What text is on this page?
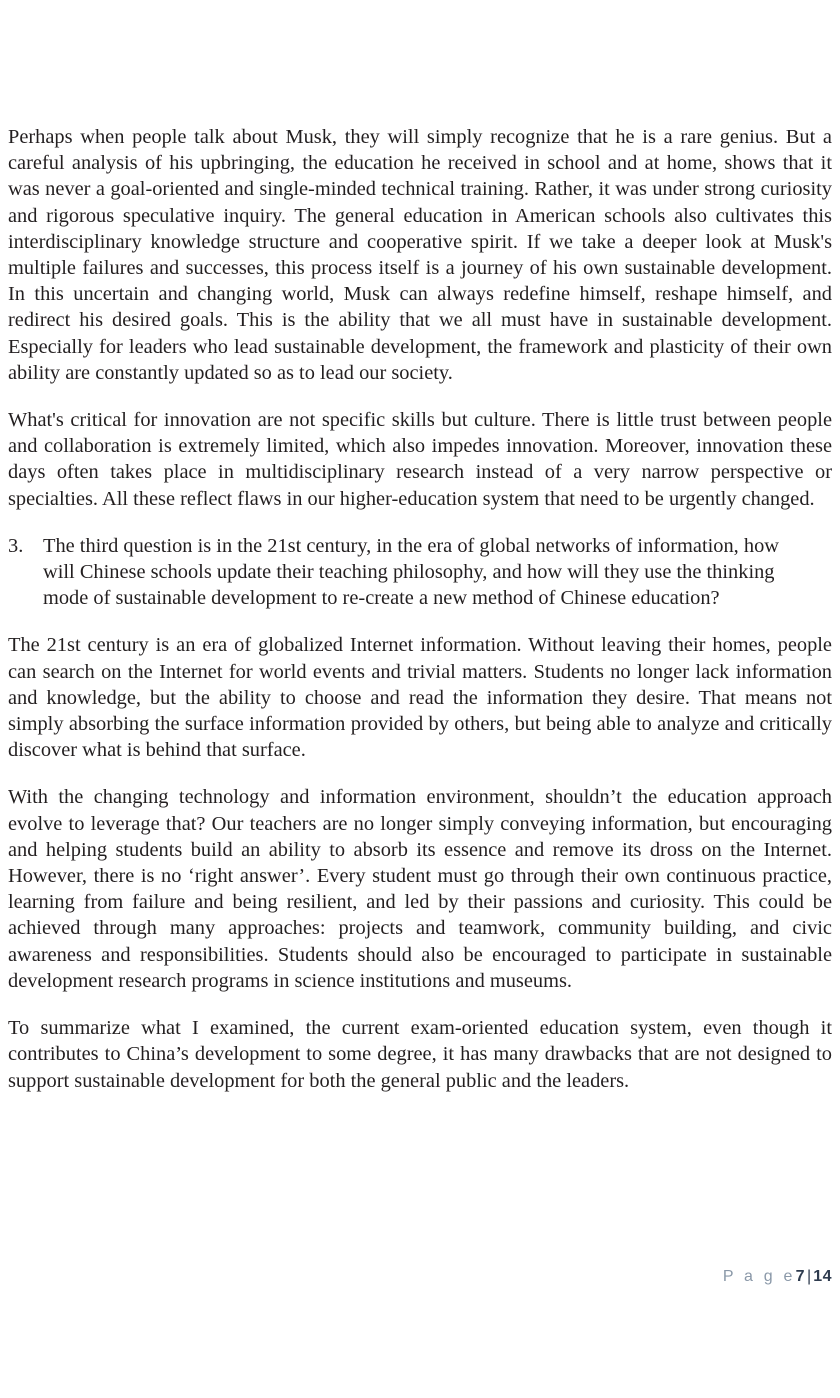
Perhaps when people talk about Musk, they will simply recognize that he is a rare genius. But a careful analysis of his upbringing, the education he received in school and at home, shows that it was never a goal-oriented and single-minded technical training. Rather, it was under strong curiosity and rigorous speculative inquiry. The general education in American schools also cultivates this interdisciplinary knowledge structure and cooperative spirit. If we take a deeper look at Musk's multiple failures and successes, this process itself is a journey of his own sustainable development. In this uncertain and changing world, Musk can always redefine himself, reshape himself, and redirect his desired goals. This is the ability that we all must have in sustainable development. Especially for leaders who lead sustainable development, the framework and plasticity of their own ability are constantly updated so as to lead our society.

What's critical for innovation are not specific skills but culture. There is little trust between people and collaboration is extremely limited, which also impedes innovation. Moreover, innovation these days often takes place in multidisciplinary research instead of a very narrow perspective or specialties. All these reflect flaws in our higher-education system that need to be urgently changed.

3. The third question is in the 21st century, in the era of global networks of information, how will Chinese schools update their teaching philosophy, and how will they use the thinking mode of sustainable development to re-create a new method of Chinese education?

The 21st century is an era of globalized Internet information. Without leaving their homes, people can search on the Internet for world events and trivial matters. Students no longer lack information and knowledge, but the ability to choose and read the information they desire. That means not simply absorbing the surface information provided by others, but being able to analyze and critically discover what is behind that surface.

With the changing technology and information environment, shouldn’t the education approach evolve to leverage that? Our teachers are no longer simply conveying information, but encouraging and helping students build an ability to absorb its essence and remove its dross on the Internet. However, there is no ‘right answer’. Every student must go through their own continuous practice, learning from failure and being resilient, and led by their passions and curiosity. This could be achieved through many approaches: projects and teamwork, community building, and civic awareness and responsibilities. Students should also be encouraged to participate in sustainable development research programs in science institutions and museums.

To summarize what I examined, the current exam-oriented education system, even though it contributes to China’s development to some degree, it has many drawbacks that are not designed to support sustainable development for both the general public and the leaders.

P a g e7 | 14
